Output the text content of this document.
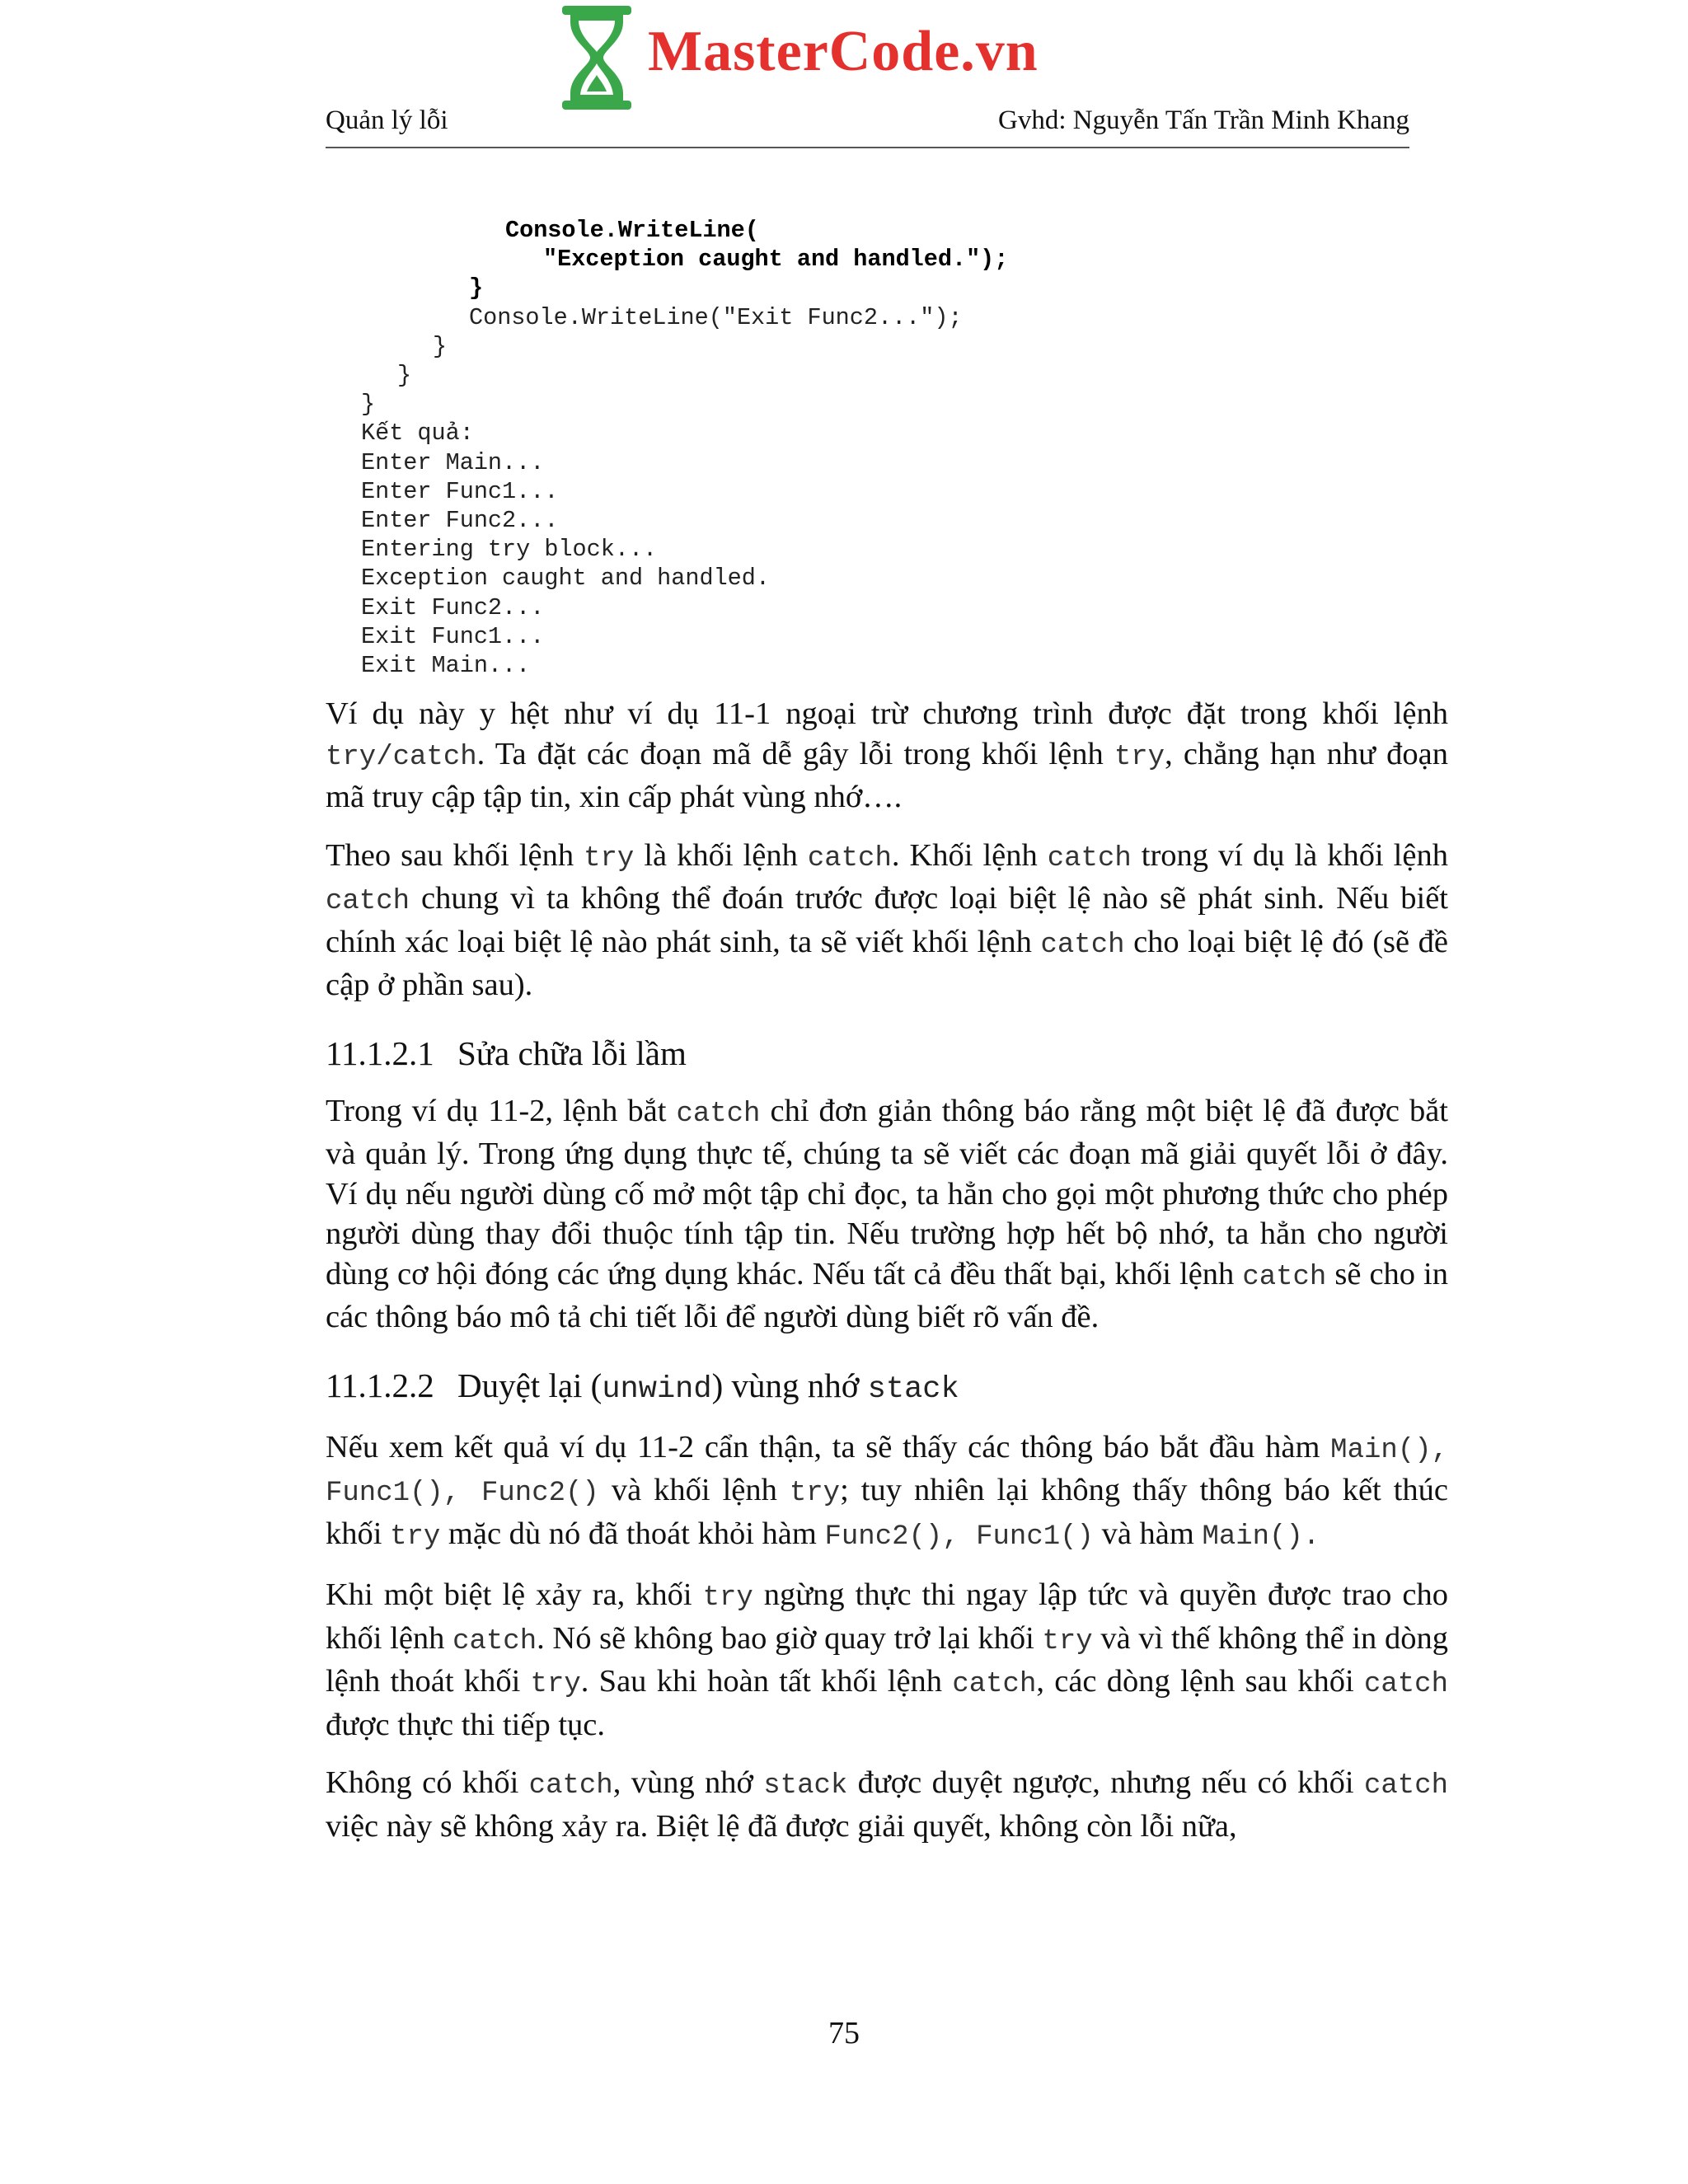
MasterCode.vn
Quản lý lỗi	Gvhd: Nguyễn Tấn Trần Minh Khang
Console.WriteLine(
"Exception caught and handled.");
}
Console.WriteLine("Exit Func2...");
}
}
}
Kết quả:
Enter Main...
Enter Func1...
Enter Func2...
Entering try block...
Exception caught and handled.
Exit Func2...
Exit Func1...
Exit Main...

Ví dụ này y hệt như ví dụ 11-1 ngoại trừ chương trình được đặt trong khối lệnh try/catch. Ta đặt các đoạn mã dễ gây lỗi trong khối lệnh try, chẳng hạn như đoạn mã truy cập tập tin, xin cấp phát vùng nhớ….

Theo sau khối lệnh try là khối lệnh catch. Khối lệnh catch trong ví dụ là khối lệnh catch chung vì ta không thể đoán trước được loại biệt lệ nào sẽ phát sinh. Nếu biết chính xác loại biệt lệ nào phát sinh, ta sẽ viết khối lệnh catch cho loại biệt lệ đó (sẽ đề cập ở phần sau).

11.1.2.1 Sửa chữa lỗi lầm

Trong ví dụ 11-2, lệnh bắt catch chỉ đơn giản thông báo rằng một biệt lệ đã được bắt và quản lý. Trong ứng dụng thực tế, chúng ta sẽ viết các đoạn mã giải quyết lỗi ở đây. Ví dụ nếu người dùng cố mở một tập chỉ đọc, ta hẳn cho gọi một phương thức cho phép người dùng thay đổi thuộc tính tập tin. Nếu trường hợp hết bộ nhớ, ta hẳn cho người dùng cơ hội đóng các ứng dụng khác. Nếu tất cả đều thất bại, khối lệnh catch sẽ cho in các thông báo mô tả chi tiết lỗi để người dùng biết rõ vấn đề.

11.1.2.2 Duyệt lại (unwind) vùng nhớ stack

Nếu xem kết quả ví dụ 11-2 cẩn thận, ta sẽ thấy các thông báo bắt đầu hàm Main(), Func1(), Func2() và khối lệnh try; tuy nhiên lại không thấy thông báo kết thúc khối try mặc dù nó đã thoát khỏi hàm Func2(), Func1() và hàm Main().

Khi một biệt lệ xảy ra, khối try ngừng thực thi ngay lập tức và quyền được trao cho khối lệnh catch. Nó sẽ không bao giờ quay trở lại khối try và vì thế không thể in dòng lệnh thoát khối try. Sau khi hoàn tất khối lệnh catch, các dòng lệnh sau khối catch được thực thi tiếp tục.

Không có khối catch, vùng nhớ stack được duyệt ngược, nhưng nếu có khối catch việc này sẽ không xảy ra. Biệt lệ đã được giải quyết, không còn lỗi nữa,

75
